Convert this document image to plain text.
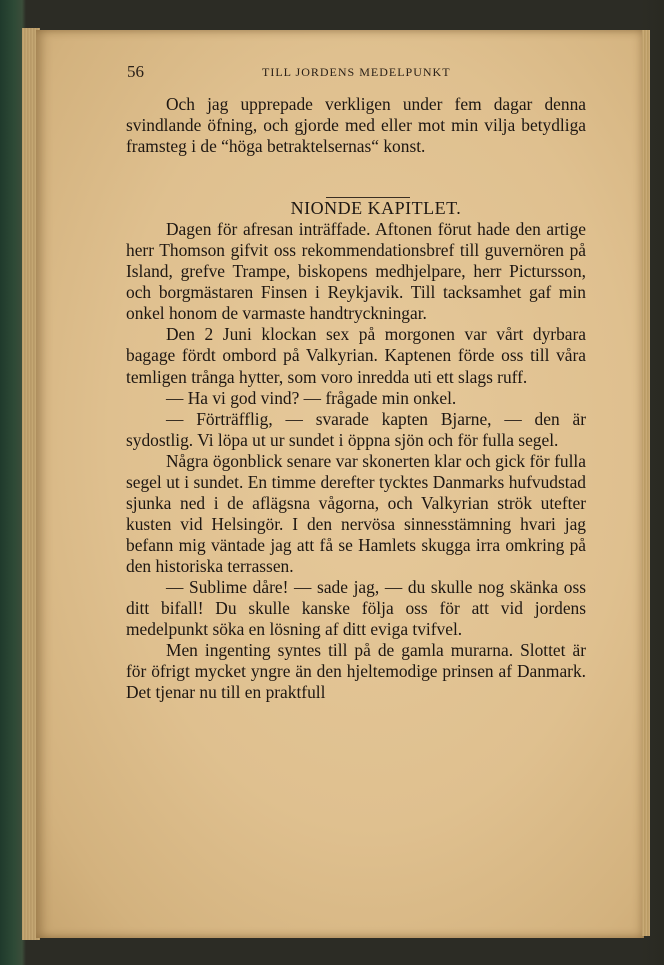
56	TILL JORDENS MEDELPUNKT

Och jag upprepade verkligen under fem dagar denna svindlande öfning, och gjorde med eller mot min vilja betydliga framsteg i de “höga betraktelsernas“ konst.

NIONDE KAPITLET.

Dagen för afresan inträffade. Aftonen förut hade den artige herr Thomson gifvit oss rekommendationsbref till guvernören på Island, grefve Trampe, biskopens medhjelpare, herr Pictursson, och borgmästaren Finsen i Reykjavik. Till tacksamhet gaf min onkel honom de varmaste handtryckningar.

Den 2 Juni klockan sex på morgonen var vårt dyrbara bagage fördt ombord på Valkyrian. Kaptenen förde oss till våra temligen trånga hytter, som voro inredda uti ett slags ruff.

— Ha vi god vind? — frågade min onkel.

— Förträfflig, — svarade kapten Bjarne, — den är sydostlig. Vi löpa ut ur sundet i öppna sjön och för fulla segel.

Några ögonblick senare var skonerten klar och gick för fulla segel ut i sundet. En timme derefter tycktes Danmarks hufvudstad sjunka ned i de aflägsna vågorna, och Valkyrian strök utefter kusten vid Helsingör. I den nervösa sinnesstämning hvari jag befann mig väntade jag att få se Hamlets skugga irra omkring på den historiska terrassen.

— Sublime dåre! — sade jag, — du skulle nog skänka oss ditt bifall! Du skulle kanske följa oss för att vid jordens medelpunkt söka en lösning af ditt eviga tvifvel.

Men ingenting syntes till på de gamla murarna. Slottet är för öfrigt mycket yngre än den hjeltemodige prinsen af Danmark. Det tjenar nu till en praktfull
